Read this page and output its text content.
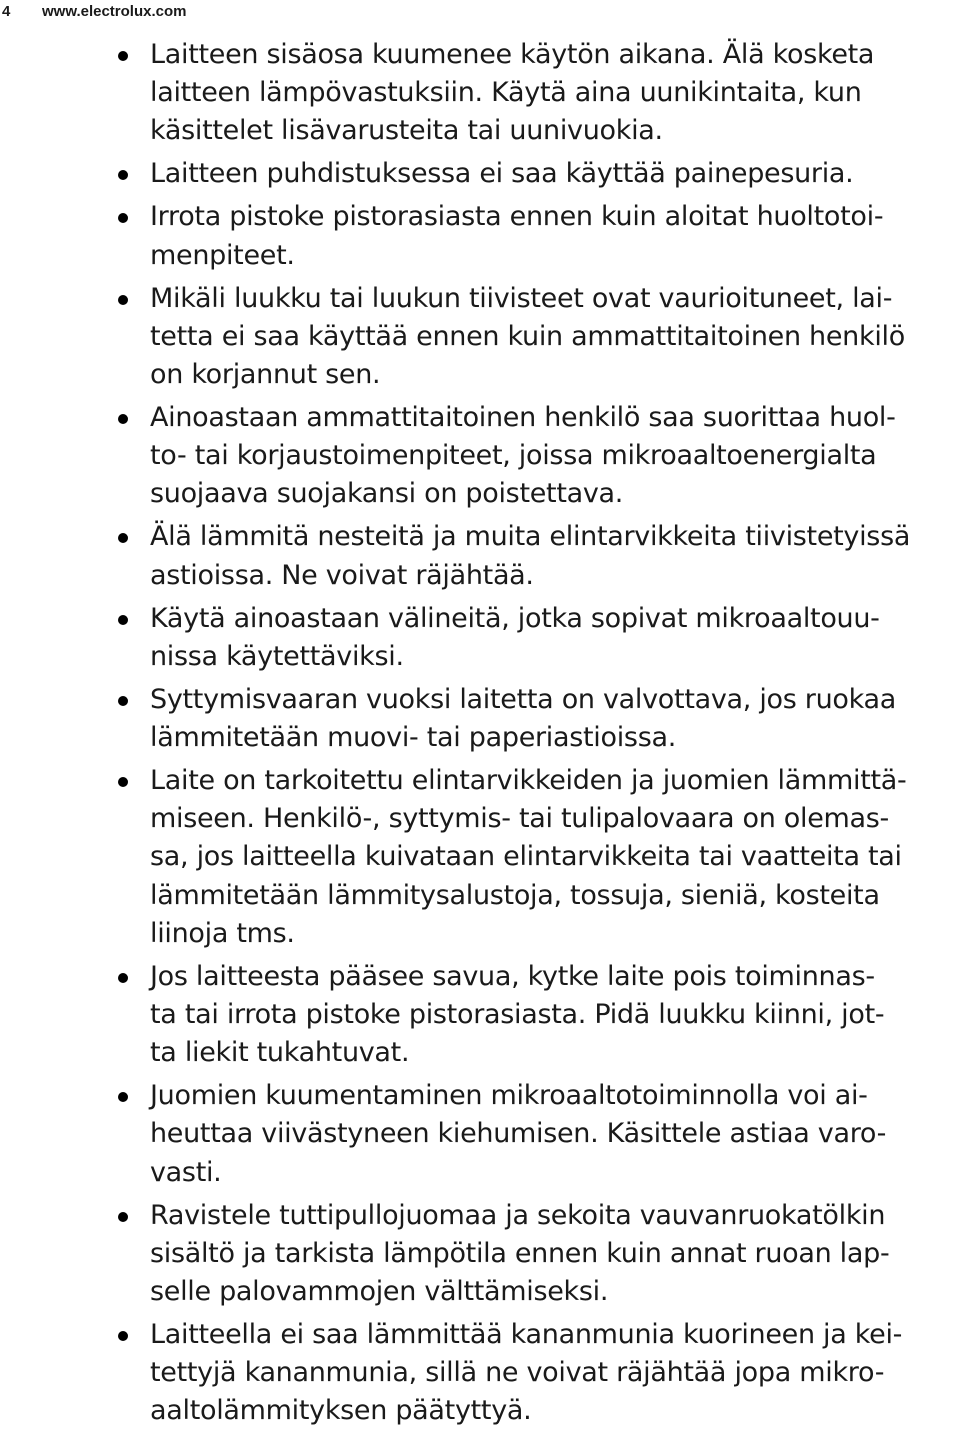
4	www.electrolux.com
Laitteen sisäosa kuumenee käytön aikana. Älä kosketa
laitteen lämpövastuksiin. Käytä aina uunikintaita, kun
käsittelet lisävarusteita tai uunivuokia.
Laitteen puhdistuksessa ei saa käyttää painepesuria.
Irrota pistoke pistorasiasta ennen kuin aloitat huoltotoi-
menpiteet.
Mikäli luukku tai luukun tiivisteet ovat vaurioituneet, lai-
tetta ei saa käyttää ennen kuin ammattitaitoinen henkilö
on korjannut sen.
Ainoastaan ammattitaitoinen henkilö saa suorittaa huol-
to- tai korjaustoimenpiteet, joissa mikroaaltoenergialta
suojaava suojakansi on poistettava.
Älä lämmitä nesteitä ja muita elintarvikkeita tiivistetyissä
astioissa. Ne voivat räjähtää.
Käytä ainoastaan välineitä, jotka sopivat mikroaaltouu-
nissa käytettäviksi.
Syttymisvaaran vuoksi laitetta on valvottava, jos ruokaa
lämmitetään muovi- tai paperiastioissa.
Laite on tarkoitettu elintarvikkeiden ja juomien lämmittä-
miseen. Henkilö-, syttymis- tai tulipalovaara on olemas-
sa, jos laitteella kuivataan elintarvikkeita tai vaatteita tai
lämmitetään lämmitysalustoja, tossuja, sieniä, kosteita
liinoja tms.
Jos laitteesta pääsee savua, kytke laite pois toiminnas-
ta tai irrota pistoke pistorasiasta. Pidä luukku kiinni, jot-
ta liekit tukahtuvat.
Juomien kuumentaminen mikroaaltotoiminnolla voi ai-
heuttaa viivästyneen kiehumisen. Käsittele astiaa varo-
vasti.
Ravistele tuttipullojuomaa ja sekoita vauvanruokatölkin
sisältö ja tarkista lämpötila ennen kuin annat ruoan lap-
selle palovammojen välttämiseksi.
Laitteella ei saa lämmittää kananmunia kuorineen ja kei-
tettyjä kananmunia, sillä ne voivat räjähtää jopa mikro-
aaltolämmityksen päätyttyä.
